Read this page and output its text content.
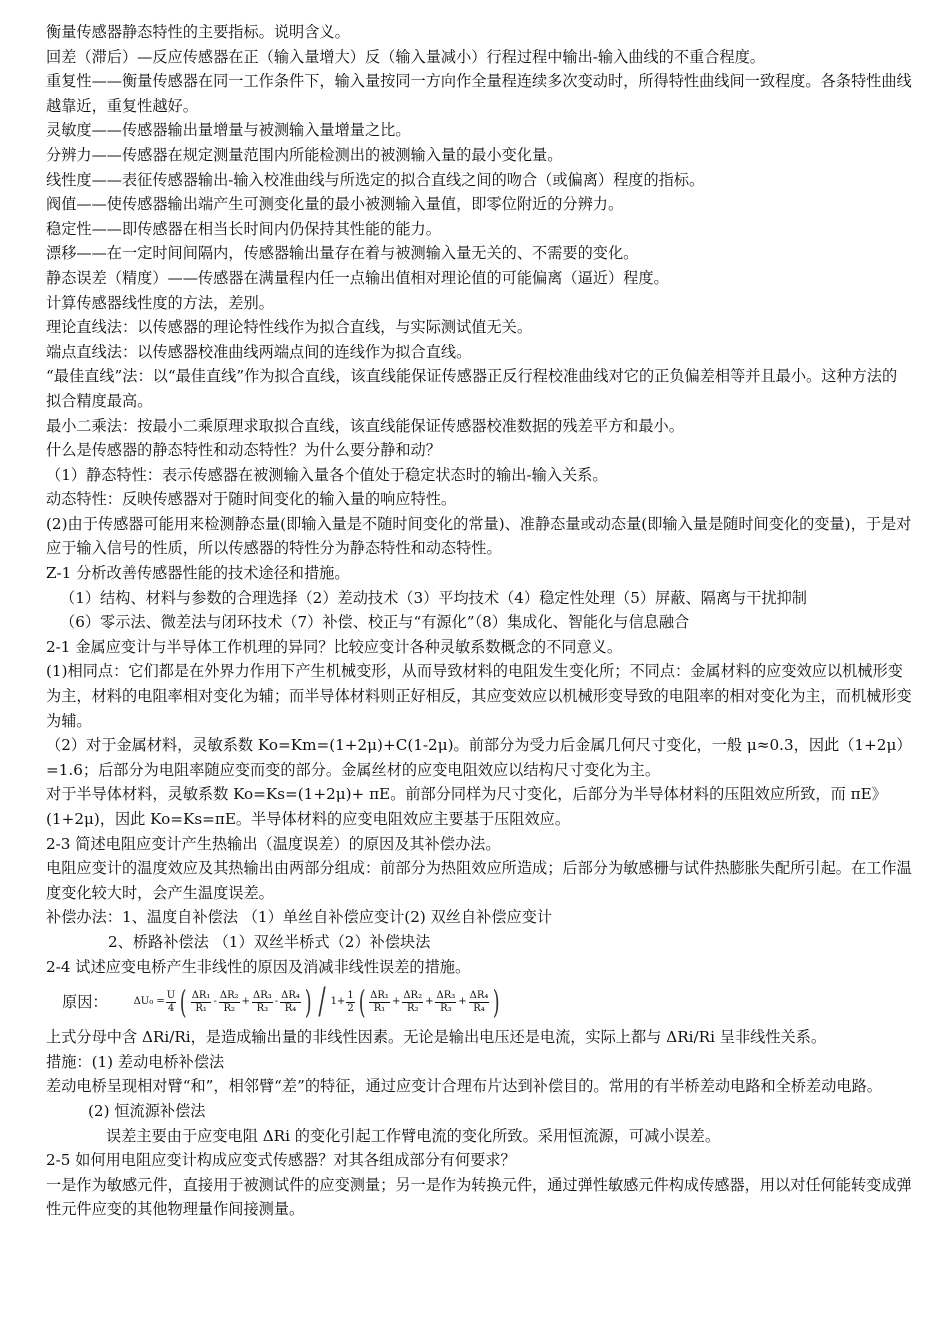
衡量传感器静态特性的主要指标。说明含义。

回差（滞后）—反应传感器在正（输入量增大）反（输入量减小）行程过程中输出-输入曲线的不重合程度。

重复性——衡量传感器在同一工作条件下，输入量按同一方向作全量程连续多次变动时，所得特性曲线间一致程度。各条特性曲线越靠近，重复性越好。

灵敏度——传感器输出量增量与被测输入量增量之比。

分辨力——传感器在规定测量范围内所能检测出的被测输入量的最小变化量。

线性度——表征传感器输出-输入校准曲线与所选定的拟合直线之间的吻合（或偏离）程度的指标。

阀值——使传感器输出端产生可测变化量的最小被测输入量值，即零位附近的分辨力。

稳定性——即传感器在相当长时间内仍保持其性能的能力。

漂移——在一定时间间隔内，传感器输出量存在着与被测输入量无关的、不需要的变化。

静态误差（精度）——传感器在满量程内任一点输出值相对理论值的可能偏离（逼近）程度。

计算传感器线性度的方法，差别。

理论直线法：以传感器的理论特性线作为拟合直线，与实际测试值无关。

端点直线法：以传感器校准曲线两端点间的连线作为拟合直线。

“最佳直线”法：以“最佳直线”作为拟合直线，该直线能保证传感器正反行程校准曲线对它的正负偏差相等并且最小。这种方法的拟合精度最高。

最小二乘法：按最小二乘原理求取拟合直线，该直线能保证传感器校准数据的残差平方和最小。

什么是传感器的静态特性和动态特性？为什么要分静和动？

（1）静态特性：表示传感器在被测输入量各个值处于稳定状态时的输出-输入关系。

动态特性：反映传感器对于随时间变化的输入量的响应特性。

(2)由于传感器可能用来检测静态量(即输入量是不随时间变化的常量)、准静态量或动态量(即输入量是随时间变化的变量)，于是对应于输入信号的性质，所以传感器的特性分为静态特性和动态特性。

Z-1 分析改善传感器性能的技术途径和措施。

（1）结构、材料与参数的合理选择（2）差动技术（3）平均技术（4）稳定性处理（5）屏蔽、隔离与干扰抑制

（6）零示法、微差法与闭环技术（7）补偿、校正与“有源化”（8）集成化、智能化与信息融合

2-1 金属应变计与半导体工作机理的异同？比较应变计各种灵敏系数概念的不同意义。

(1)相同点：它们都是在外界力作用下产生机械变形，从而导致材料的电阻发生变化所；不同点：金属材料的应变效应以机械形变为主，材料的电阻率相对变化为辅；而半导体材料则正好相反，其应变效应以机械形变导致的电阻率的相对变化为主，而机械形变为辅。

（2）对于金属材料，灵敏系数 Ko=Km=(1+2μ)+C(1-2μ)。前部分为受力后金属几何尺寸变化，一般 μ≈0.3，因此（1+2μ）=1.6；后部分为电阻率随应变而变的部分。金属丝材的应变电阻效应以结构尺寸变化为主。

对于半导体材料，灵敏系数 Ko=Ks=(1+2μ)+ πE。前部分同样为尺寸变化，后部分为半导体材料的压阻效应所致，而 πE》(1+2μ)，因此 Ko=Ks=πE。半导体材料的应变电阻效应主要基于压阻效应。

2-3 简述电阻应变计产生热输出（温度误差）的原因及其补偿办法。

电阻应变计的温度效应及其热输出由两部分组成：前部分为热阻效应所造成；后部分为敏感栅与试件热膨胀失配所引起。在工作温度变化较大时，会产生温度误差。

补偿办法：1、温度自补偿法 （1）单丝自补偿应变计(2) 双丝自补偿应变计

2、桥路补偿法 （1）双丝半桥式（2）补偿块法

2-4 试述应变电桥产生非线性的原因及消减非线性误差的措施。

原因：	$\Delta U_0 = \frac{U}{4}$ ( $\frac{\text{ΔR₁}}{\text{R₁}} - \frac{\text{ΔR₂}}{\text{R₂}} + \frac{\text{ΔR₃}}{\text{R₃}} - \frac{\text{ΔR₄}}{\text{R₄}}$ ) / $1+ \frac{1}{2}$ ( $\frac{\text{ΔR₁}}{\text{R₁}} + \frac{\text{ΔR₂}}{\text{R₂}} + \frac{\text{ΔR₃}}{\text{R₃}} + \frac{\text{ΔR₄}}{\text{R₄}}$ )

上式分母中含 ΔRi/Ri，是造成输出量的非线性因素。无论是输出电压还是电流，实际上都与 ΔRi/Ri 呈非线性关系。

措施：(1) 差动电桥补偿法

差动电桥呈现相对臂“和”，相邻臂“差”的特征，通过应变计合理布片达到补偿目的。常用的有半桥差动电路和全桥差动电路。

(2) 恒流源补偿法

误差主要由于应变电阻 ΔRi 的变化引起工作臂电流的变化所致。采用恒流源，可减小误差。

2-5 如何用电阻应变计构成应变式传感器？对其各组成部分有何要求？

一是作为敏感元件，直接用于被测试件的应变测量；另一是作为转换元件，通过弹性敏感元件构成传感器，用以对任何能转变成弹性元件应变的其他物理量作间接测量。
